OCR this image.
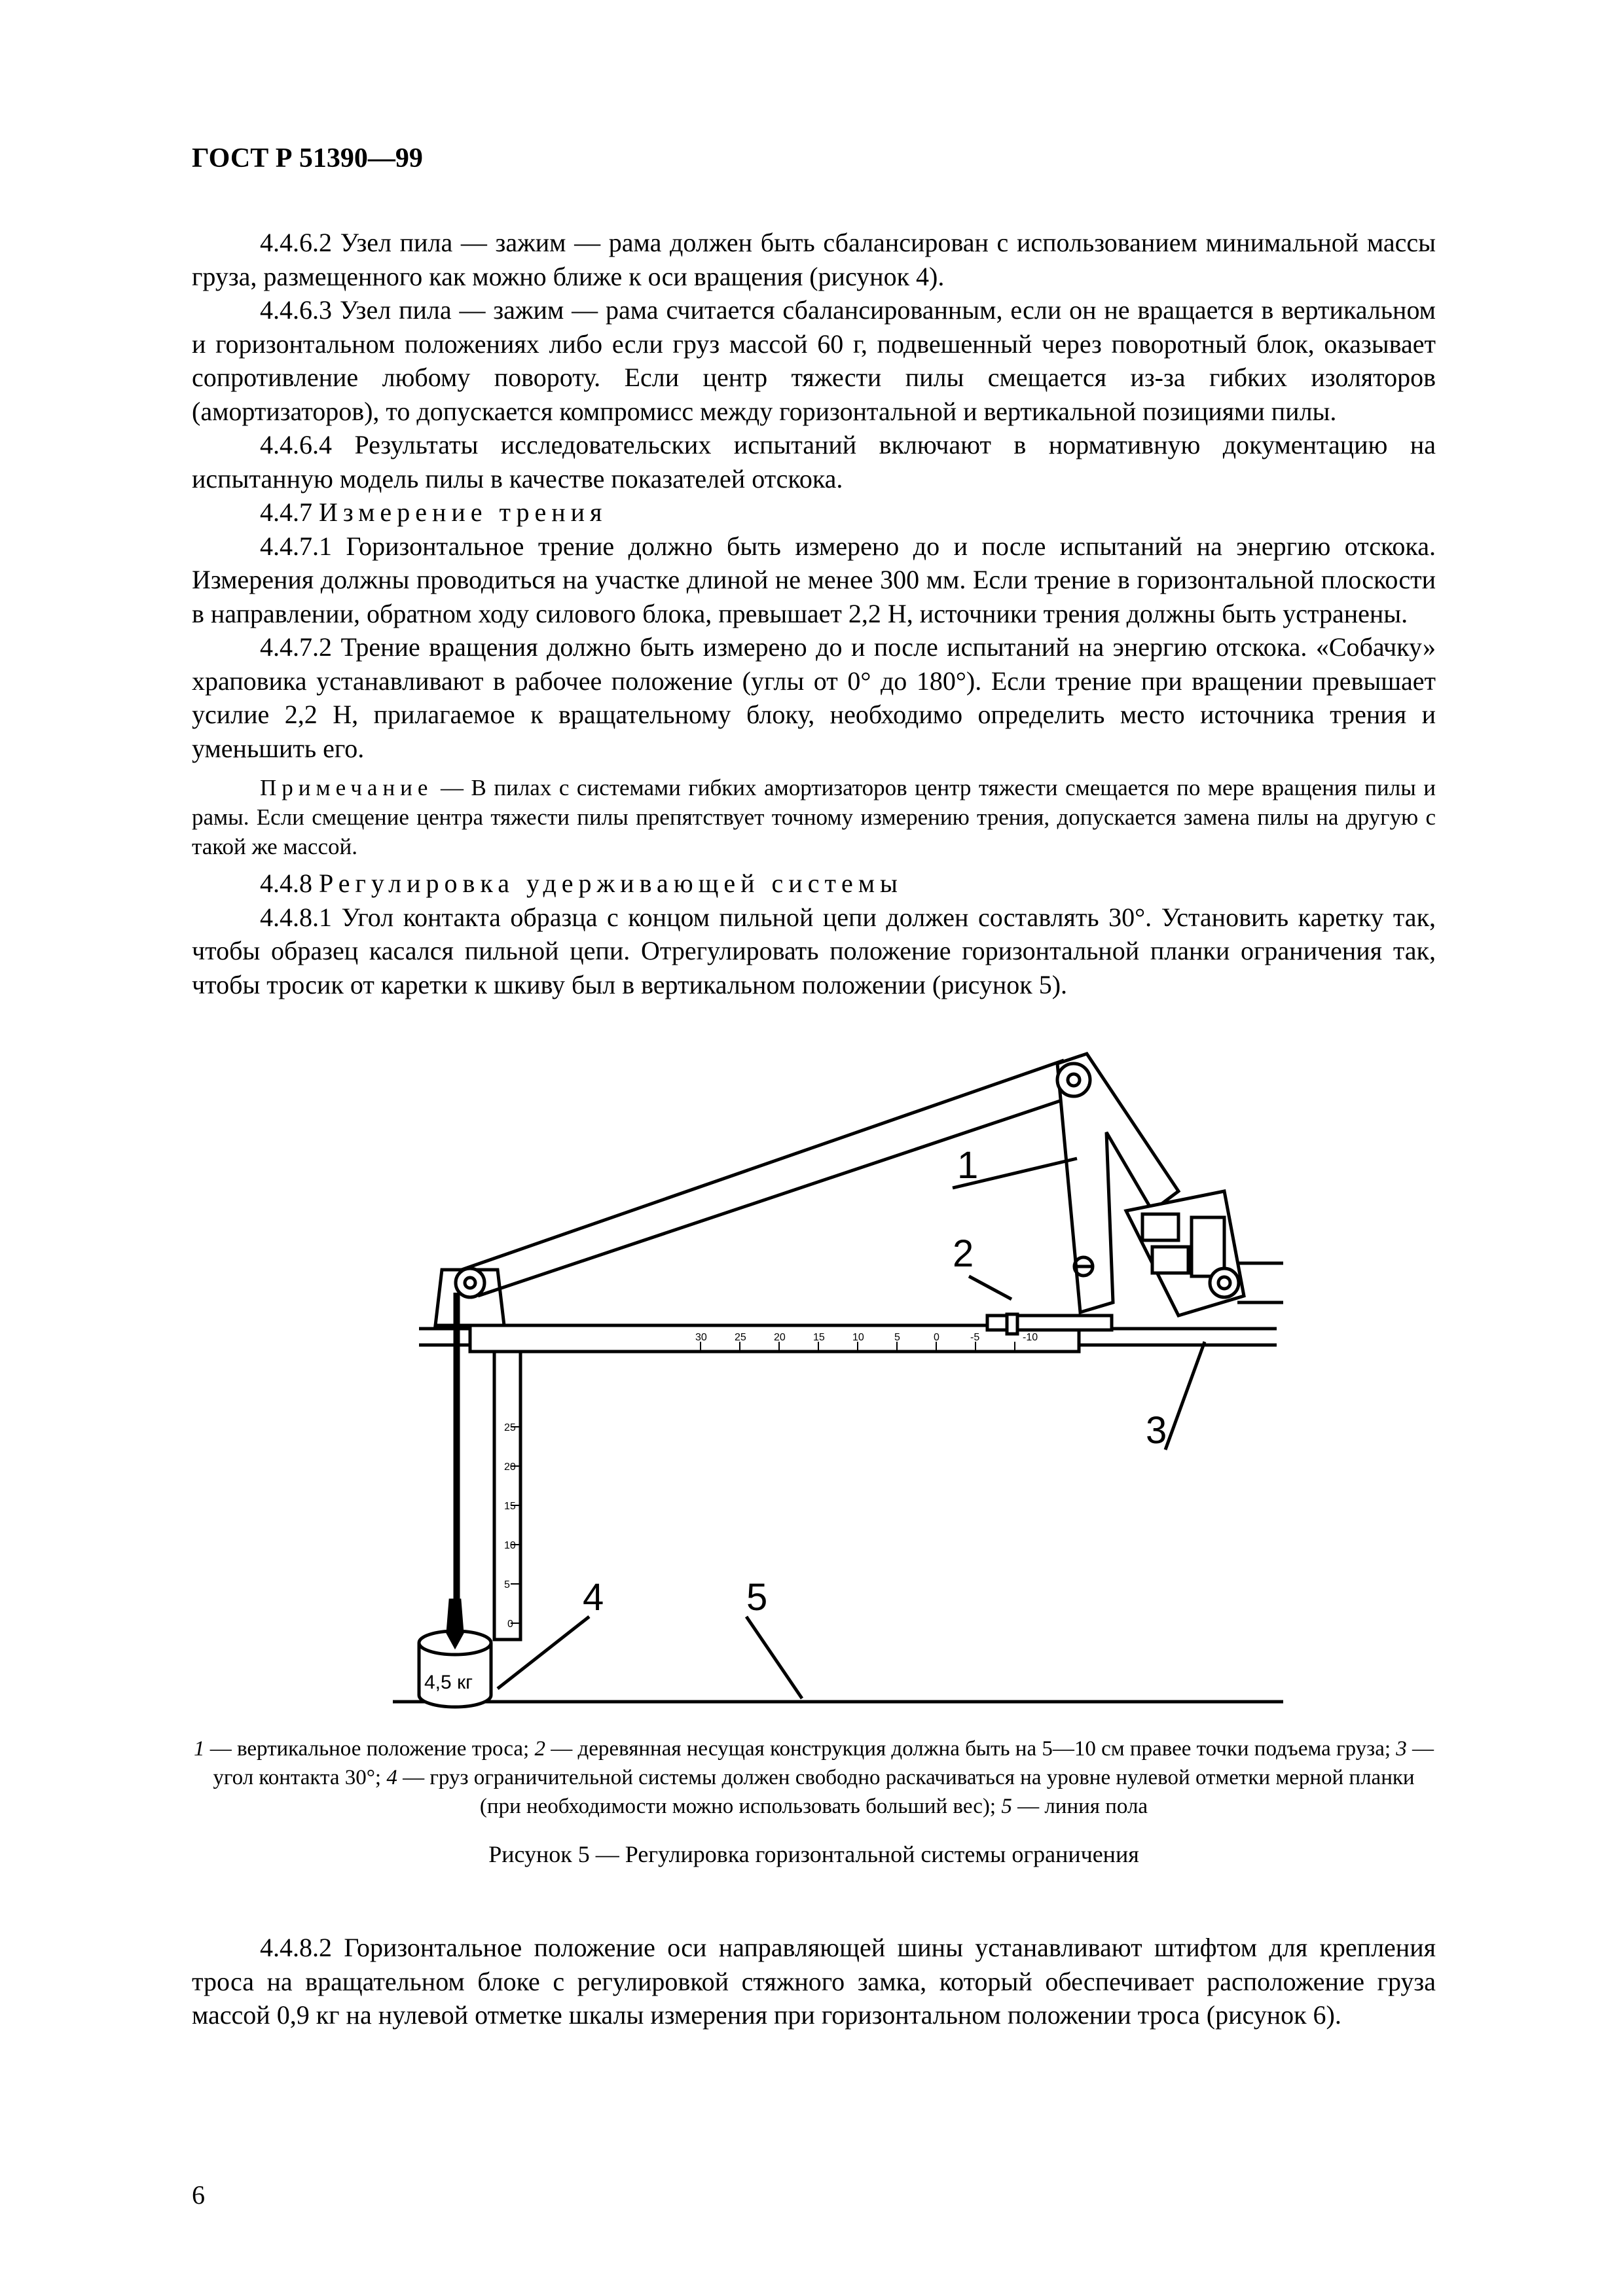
ГОСТ Р 51390—99

4.4.6.2 Узел пила — зажим — рама должен быть сбалансирован с использованием минимальной массы груза, размещенного как можно ближе к оси вращения (рисунок 4).

4.4.6.3 Узел пила — зажим — рама считается сбалансированным, если он не вращается в вертикальном и горизонтальном положениях либо если груз массой 60 г, подвешенный через поворотный блок, оказывает сопротивление любому повороту. Если центр тяжести пилы смещается из-за гибких изоляторов (амортизаторов), то допускается компромисс между горизонтальной и вертикальной позициями пилы.

4.4.6.4 Результаты исследовательских испытаний включают в нормативную документацию на испытанную модель пилы в качестве показателей отскока.

4.4.7 Измерение трения

4.4.7.1 Горизонтальное трение должно быть измерено до и после испытаний на энергию отскока. Измерения должны проводиться на участке длиной не менее 300 мм. Если трение в горизонтальной плоскости в направлении, обратном ходу силового блока, превышает 2,2 Н, источники трения должны быть устранены.

4.4.7.2 Трение вращения должно быть измерено до и после испытаний на энергию отскока. «Собачку» храповика устанавливают в рабочее положение (углы от 0° до 180°). Если трение при вращении превышает усилие 2,2 Н, прилагаемое к вращательному блоку, необходимо определить место источника трения и уменьшить его.

Примечание — В пилах с системами гибких амортизаторов центр тяжести смещается по мере вращения пилы и рамы. Если смещение центра тяжести пилы препятствует точному измерению трения, допускается замена пилы на другую с такой же массой.

4.4.8 Регулировка удерживающей системы

4.4.8.1 Угол контакта образца с концом пильной цепи должен составлять 30°. Установить каретку так, чтобы образец касался пильной цепи. Отрегулировать положение горизонтальной планки ограничения так, чтобы тросик от каретки к шкиву был в вертикальном положении (рисунок 5).

30	25	20	15	10	5	0	-5	-10
25
20
15
10
5
0
1
2
3
4	5
4,5 кг
1 — вертикальное положение троса; 2 — деревянная несущая конструкция должна быть на 5—10 см правее точки подъема груза; 3 — угол контакта 30°; 4 — груз ограничительной системы должен свободно раскачиваться на уровне нулевой отметки мерной планки (при необходимости можно использовать больший вес); 5 — линия пола
Рисунок 5 — Регулировка горизонтальной системы ограничения

4.4.8.2 Горизонтальное положение оси направляющей шины устанавливают штифтом для крепления троса на вращательном блоке с регулировкой стяжного замка, который обеспечивает расположение груза массой 0,9 кг на нулевой отметке шкалы измерения при горизонтальном положении троса (рисунок 6).

6
